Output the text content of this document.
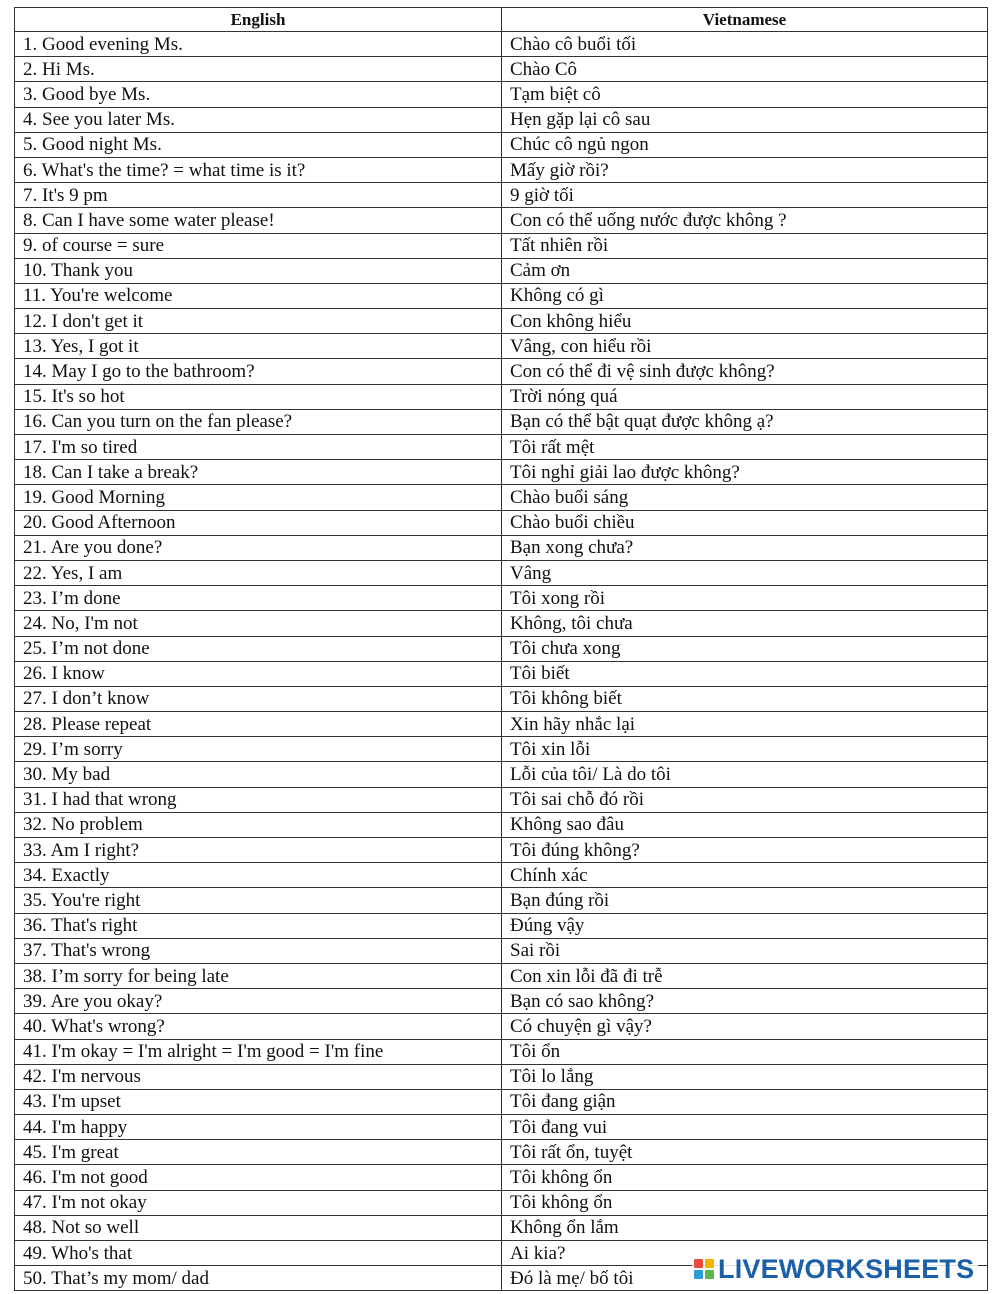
English	Vietnamese
1. Good evening Ms.	Chào cô buổi tối
2. Hi Ms.	Chào Cô
3. Good bye Ms.	Tạm biệt cô
4. See you later Ms.	Hẹn gặp lại cô sau
5. Good night Ms.	Chúc cô ngủ ngon
6. What's the time? = what time is it?	Mấy giờ rồi?
7. It's 9 pm	9 giờ tối
8. Can I have some water please!	Con có thể uống nước được không ?
9. of course = sure	Tất nhiên rồi
10. Thank you	Cảm ơn
11. You're welcome	Không có gì
12. I don't get it	Con không hiểu
13. Yes, I got it	Vâng, con hiểu rồi
14. May I go to the bathroom?	Con có thể đi vệ sinh được không?
15. It's so hot	Trời nóng quá
16. Can you turn on the fan please?	Bạn có thể bật quạt được không ạ?
17. I'm so tired	Tôi rất mệt
18. Can I take a break?	Tôi nghỉ giải lao được không?
19. Good Morning	Chào buổi sáng
20. Good Afternoon	Chào buổi chiều
21. Are you done?	Bạn xong chưa?
22. Yes, I am	Vâng
23. I’m done	Tôi xong rồi
24. No, I'm not	Không, tôi chưa
25. I’m not done	Tôi chưa xong
26. I know	Tôi biết
27. I don’t know	Tôi không biết
28. Please repeat	Xin hãy nhắc lại
29. I’m sorry	Tôi xin lỗi
30. My bad	Lỗi của tôi/ Là do tôi
31. I had that wrong	Tôi sai chỗ đó rồi
32. No problem	Không sao đâu
33. Am I right?	Tôi đúng không?
34. Exactly	Chính xác
35. You're right	Bạn đúng rồi
36. That's right	Đúng vậy
37. That's wrong	Sai rồi
38. I’m sorry for being late	Con xin lỗi đã đi trễ
39. Are you okay?	Bạn có sao không?
40. What's wrong?	Có chuyện gì vậy?
41. I'm okay = I'm alright = I'm good = I'm fine	Tôi ổn
42. I'm nervous	Tôi lo lắng
43. I'm upset	Tôi đang giận
44. I'm happy	Tôi đang vui
45. I'm great	Tôi rất ổn, tuyệt
46. I'm not good	Tôi không ổn
47. I'm not okay	Tôi không ổn
48. Not so well	Không ổn lắm
49. Who's that	Ai kia?
50. That’s my mom/ dad	Đó là mẹ/ bố tôi	LIVEWORKSHEETS
